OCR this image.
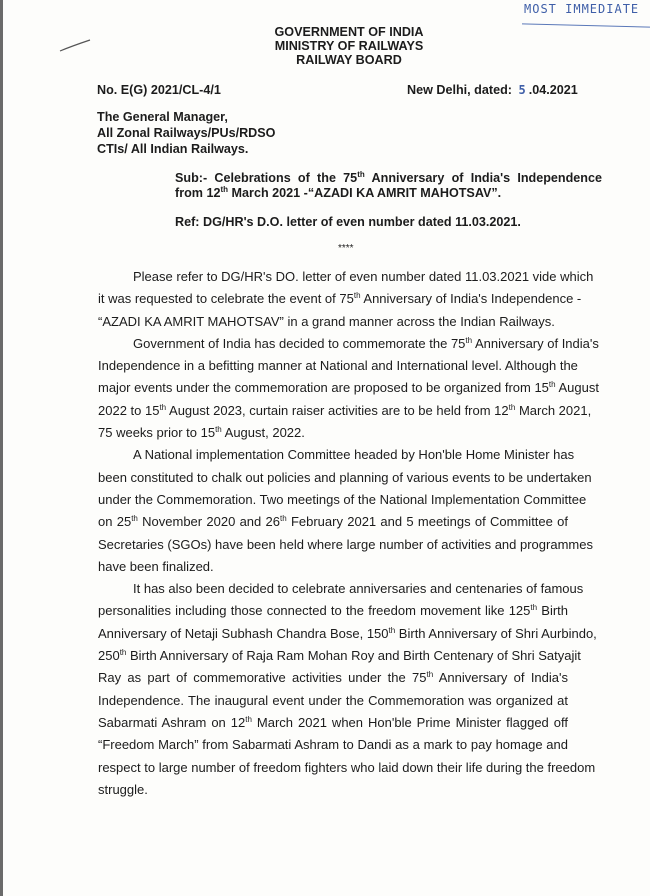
MOST IMMEDIATE
GOVERNMENT OF INDIA
MINISTRY OF RAILWAYS
RAILWAY BOARD
No. E(G) 2021/CL-4/1	New Delhi, dated: 5 .04.2021
The General Manager,
All Zonal Railways/PUs/RDSO
CTIs/ All Indian Railways.
Sub:- Celebrations of the 75th Anniversary of India's Independence
from 12th March 2021 -“AZADI KA AMRIT MAHOTSAV”.
Ref: DG/HR's D.O. letter of even number dated 11.03.2021.
****
Please refer to DG/HR's DO. letter of even number dated 11.03.2021 vide which
it was requested to celebrate the event of 75th Anniversary of India's Independence -
“AZADI KA AMRIT MAHOTSAV” in a grand manner across the Indian Railways.
Government of India has decided to commemorate the 75th Anniversary of India's
Independence in a befitting manner at National and International level. Although the
major events under the commemoration are proposed to be organized from 15th August
2022 to 15th August 2023, curtain raiser activities are to be held from 12th March 2021,
75 weeks prior to 15th August, 2022.
A National implementation Committee headed by Hon'ble Home Minister has
been constituted to chalk out policies and planning of various events to be undertaken
under the Commemoration. Two meetings of the National Implementation Committee
on 25th November 2020 and 26th February 2021 and 5 meetings of Committee of
Secretaries (SGOs) have been held where large number of activities and programmes
have been finalized.
It has also been decided to celebrate anniversaries and centenaries of famous
personalities including those connected to the freedom movement like 125th Birth
Anniversary of Netaji Subhash Chandra Bose, 150th Birth Anniversary of Shri Aurbindo,
250th Birth Anniversary of Raja Ram Mohan Roy and Birth Centenary of Shri Satyajit
Ray as part of commemorative activities under the 75th Anniversary of India's
Independence. The inaugural event under the Commemoration was organized at
Sabarmati Ashram on 12th March 2021 when Hon'ble Prime Minister flagged off
“Freedom March” from Sabarmati Ashram to Dandi as a mark to pay homage and
respect to large number of freedom fighters who laid down their life during the freedom
struggle.
